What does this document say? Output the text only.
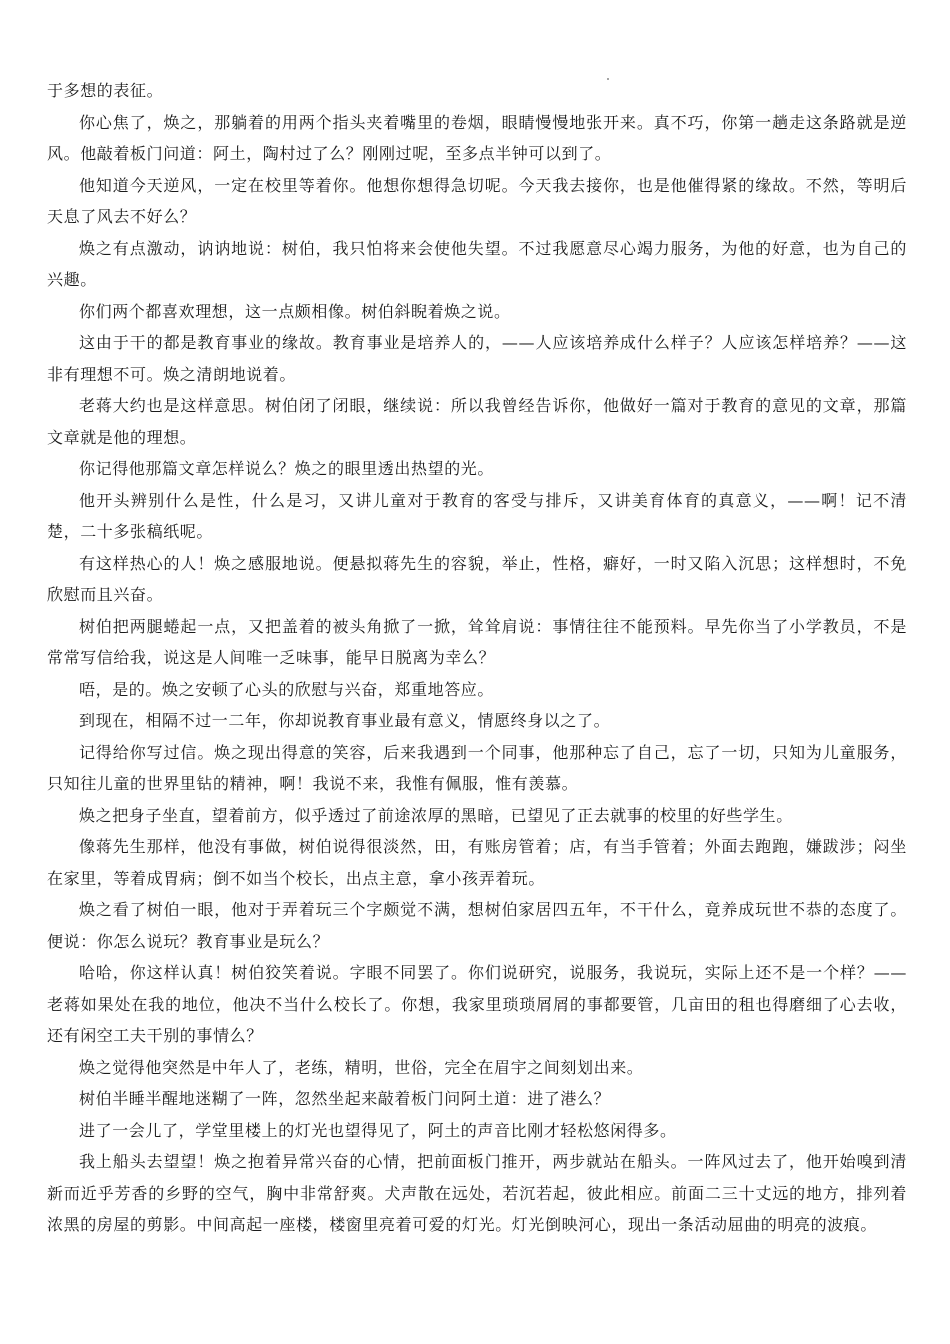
于多想的表征。

你心焦了，焕之，那躺着的用两个指头夹着嘴里的卷烟，眼睛慢慢地张开来。真不巧，你第一趟走这条路就是逆风。他敲着板门问道：阿土，陶村过了么？刚刚过呢，至多点半钟可以到了。

他知道今天逆风，一定在校里等着你。他想你想得急切呢。今天我去接你，也是他催得紧的缘故。不然，等明后天息了风去不好么？

焕之有点激动，讷讷地说：树伯，我只怕将来会使他失望。不过我愿意尽心竭力服务，为他的好意，也为自己的兴趣。

你们两个都喜欢理想，这一点颇相像。树伯斜睨着焕之说。

这由于干的都是教育事业的缘故。教育事业是培养人的，——人应该培养成什么样子？人应该怎样培养？——这非有理想不可。焕之清朗地说着。

老蒋大约也是这样意思。树伯闭了闭眼，继续说：所以我曾经告诉你，他做好一篇对于教育的意见的文章，那篇文章就是他的理想。

你记得他那篇文章怎样说么？焕之的眼里透出热望的光。

他开头辨别什么是性，什么是习，又讲儿童对于教育的客受与排斥，又讲美育体育的真意义，——啊！记不清楚，二十多张稿纸呢。

有这样热心的人！焕之感服地说。便悬拟蒋先生的容貌，举止，性格，癖好，一时又陷入沉思；这样想时，不免欣慰而且兴奋。

树伯把两腿蜷起一点，又把盖着的被头角掀了一掀，耸耸肩说：事情往往不能预料。早先你当了小学教员，不是常常写信给我，说这是人间唯一乏味事，能早日脱离为幸么？

唔，是的。焕之安顿了心头的欣慰与兴奋，郑重地答应。

到现在，相隔不过一二年，你却说教育事业最有意义，情愿终身以之了。

记得给你写过信。焕之现出得意的笑容，后来我遇到一个同事，他那种忘了自己，忘了一切，只知为儿童服务，只知往儿童的世界里钻的精神，啊！我说不来，我惟有佩服，惟有羡慕。

焕之把身子坐直，望着前方，似乎透过了前途浓厚的黑暗，已望见了正去就事的校里的好些学生。

像蒋先生那样，他没有事做，树伯说得很淡然，田，有账房管着；店，有当手管着；外面去跑跑，嫌跋涉；闷坐在家里，等着成胃病；倒不如当个校长，出点主意，拿小孩弄着玩。

焕之看了树伯一眼，他对于弄着玩三个字颇觉不满，想树伯家居四五年，不干什么，竟养成玩世不恭的态度了。便说：你怎么说玩？教育事业是玩么？

哈哈，你这样认真！树伯狡笑着说。字眼不同罢了。你们说研究，说服务，我说玩，实际上还不是一个样？——老蒋如果处在我的地位，他决不当什么校长了。你想，我家里琐琐屑屑的事都要管，几亩田的租也得磨细了心去收，还有闲空工夫干别的事情么？

焕之觉得他突然是中年人了，老练，精明，世俗，完全在眉宇之间刻划出来。

树伯半睡半醒地迷糊了一阵，忽然坐起来敲着板门问阿土道：进了港么？

进了一会儿了，学堂里楼上的灯光也望得见了，阿土的声音比刚才轻松悠闲得多。

我上船头去望望！焕之抱着异常兴奋的心情，把前面板门推开，两步就站在船头。一阵风过去了，他开始嗅到清新而近乎芳香的乡野的空气，胸中非常舒爽。犬声散在远处，若沉若起，彼此相应。前面二三十丈远的地方，排列着浓黑的房屋的剪影。中间高起一座楼，楼窗里亮着可爱的灯光。灯光倒映河心，现出一条活动屈曲的明亮的波痕。
